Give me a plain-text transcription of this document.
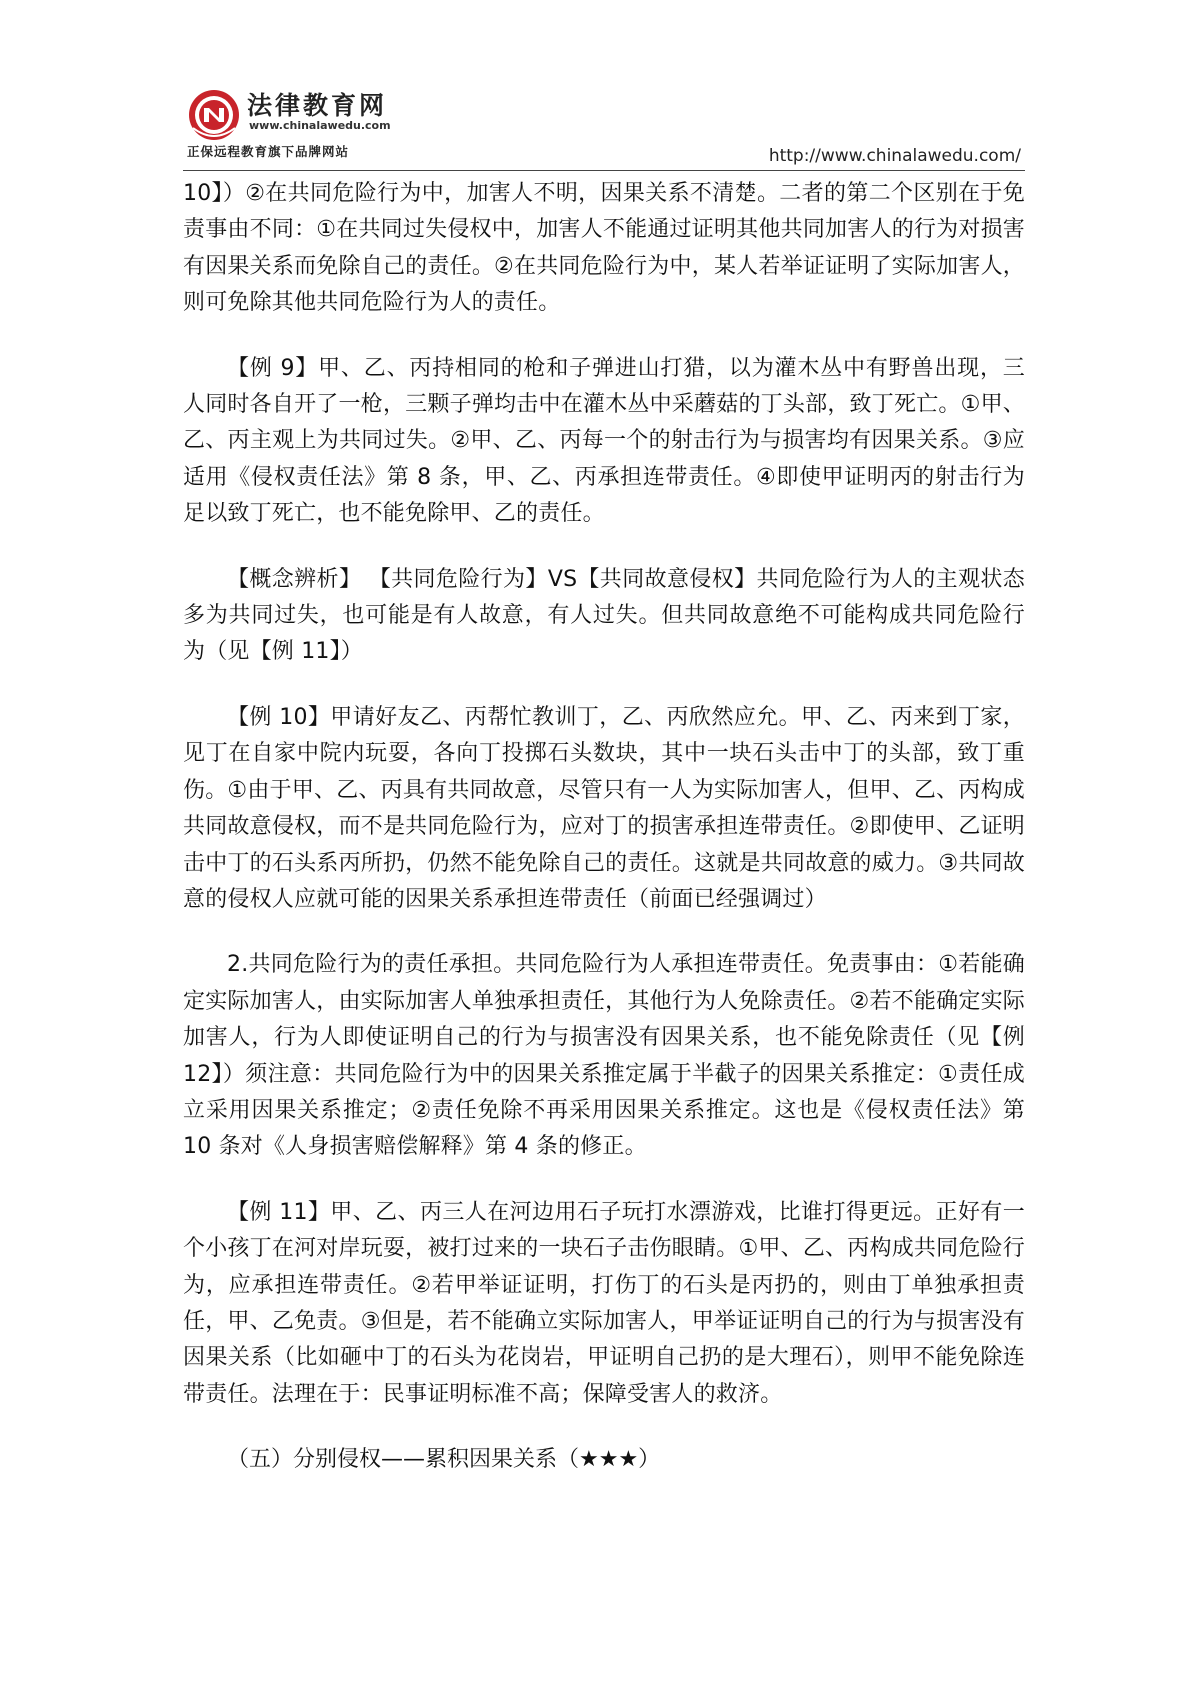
法律教育网
www.chinalawedu.com
正保远程教育旗下品牌网站	http://www.chinalawedu.com/

10】）②在共同危险行为中，加害人不明，因果关系不清楚。二者的第二个区别在于免责事由不同：①在共同过失侵权中，加害人不能通过证明其他共同加害人的行为对损害有因果关系而免除自己的责任。②在共同危险行为中，某人若举证证明了实际加害人，则可免除其他共同危险行为人的责任。

【例 9】甲、乙、丙持相同的枪和子弹进山打猎，以为灌木丛中有野兽出现，三人同时各自开了一枪，三颗子弹均击中在灌木丛中采蘑菇的丁头部，致丁死亡。①甲、乙、丙主观上为共同过失。②甲、乙、丙每一个的射击行为与损害均有因果关系。③应适用《侵权责任法》第 8 条，甲、乙、丙承担连带责任。④即使甲证明丙的射击行为足以致丁死亡，也不能免除甲、乙的责任。

【概念辨析】 【共同危险行为】VS【共同故意侵权】共同危险行为人的主观状态多为共同过失，也可能是有人故意，有人过失。但共同故意绝不可能构成共同危险行为（见【例 11】）

【例 10】甲请好友乙、丙帮忙教训丁，乙、丙欣然应允。甲、乙、丙来到丁家，见丁在自家中院内玩耍，各向丁投掷石头数块，其中一块石头击中丁的头部，致丁重伤。①由于甲、乙、丙具有共同故意，尽管只有一人为实际加害人，但甲、乙、丙构成共同故意侵权，而不是共同危险行为，应对丁的损害承担连带责任。②即使甲、乙证明击中丁的石头系丙所扔，仍然不能免除自己的责任。这就是共同故意的威力。③共同故意的侵权人应就可能的因果关系承担连带责任（前面已经强调过）

2.共同危险行为的责任承担。共同危险行为人承担连带责任。免责事由：①若能确定实际加害人，由实际加害人单独承担责任，其他行为人免除责任。②若不能确定实际加害人，行为人即使证明自己的行为与损害没有因果关系，也不能免除责任（见【例 12】）须注意：共同危险行为中的因果关系推定属于半截子的因果关系推定：①责任成立采用因果关系推定；②责任免除不再采用因果关系推定。这也是《侵权责任法》第 10 条对《人身损害赔偿解释》第 4 条的修正。

【例 11】甲、乙、丙三人在河边用石子玩打水漂游戏，比谁打得更远。正好有一个小孩丁在河对岸玩耍，被打过来的一块石子击伤眼睛。①甲、乙、丙构成共同危险行为，应承担连带责任。②若甲举证证明，打伤丁的石头是丙扔的，则由丁单独承担责任，甲、乙免责。③但是，若不能确立实际加害人，甲举证证明自己的行为与损害没有因果关系（比如砸中丁的石头为花岗岩，甲证明自己扔的是大理石），则甲不能免除连带责任。法理在于：民事证明标准不高；保障受害人的救济。

（五）分别侵权——累积因果关系（★★★）
